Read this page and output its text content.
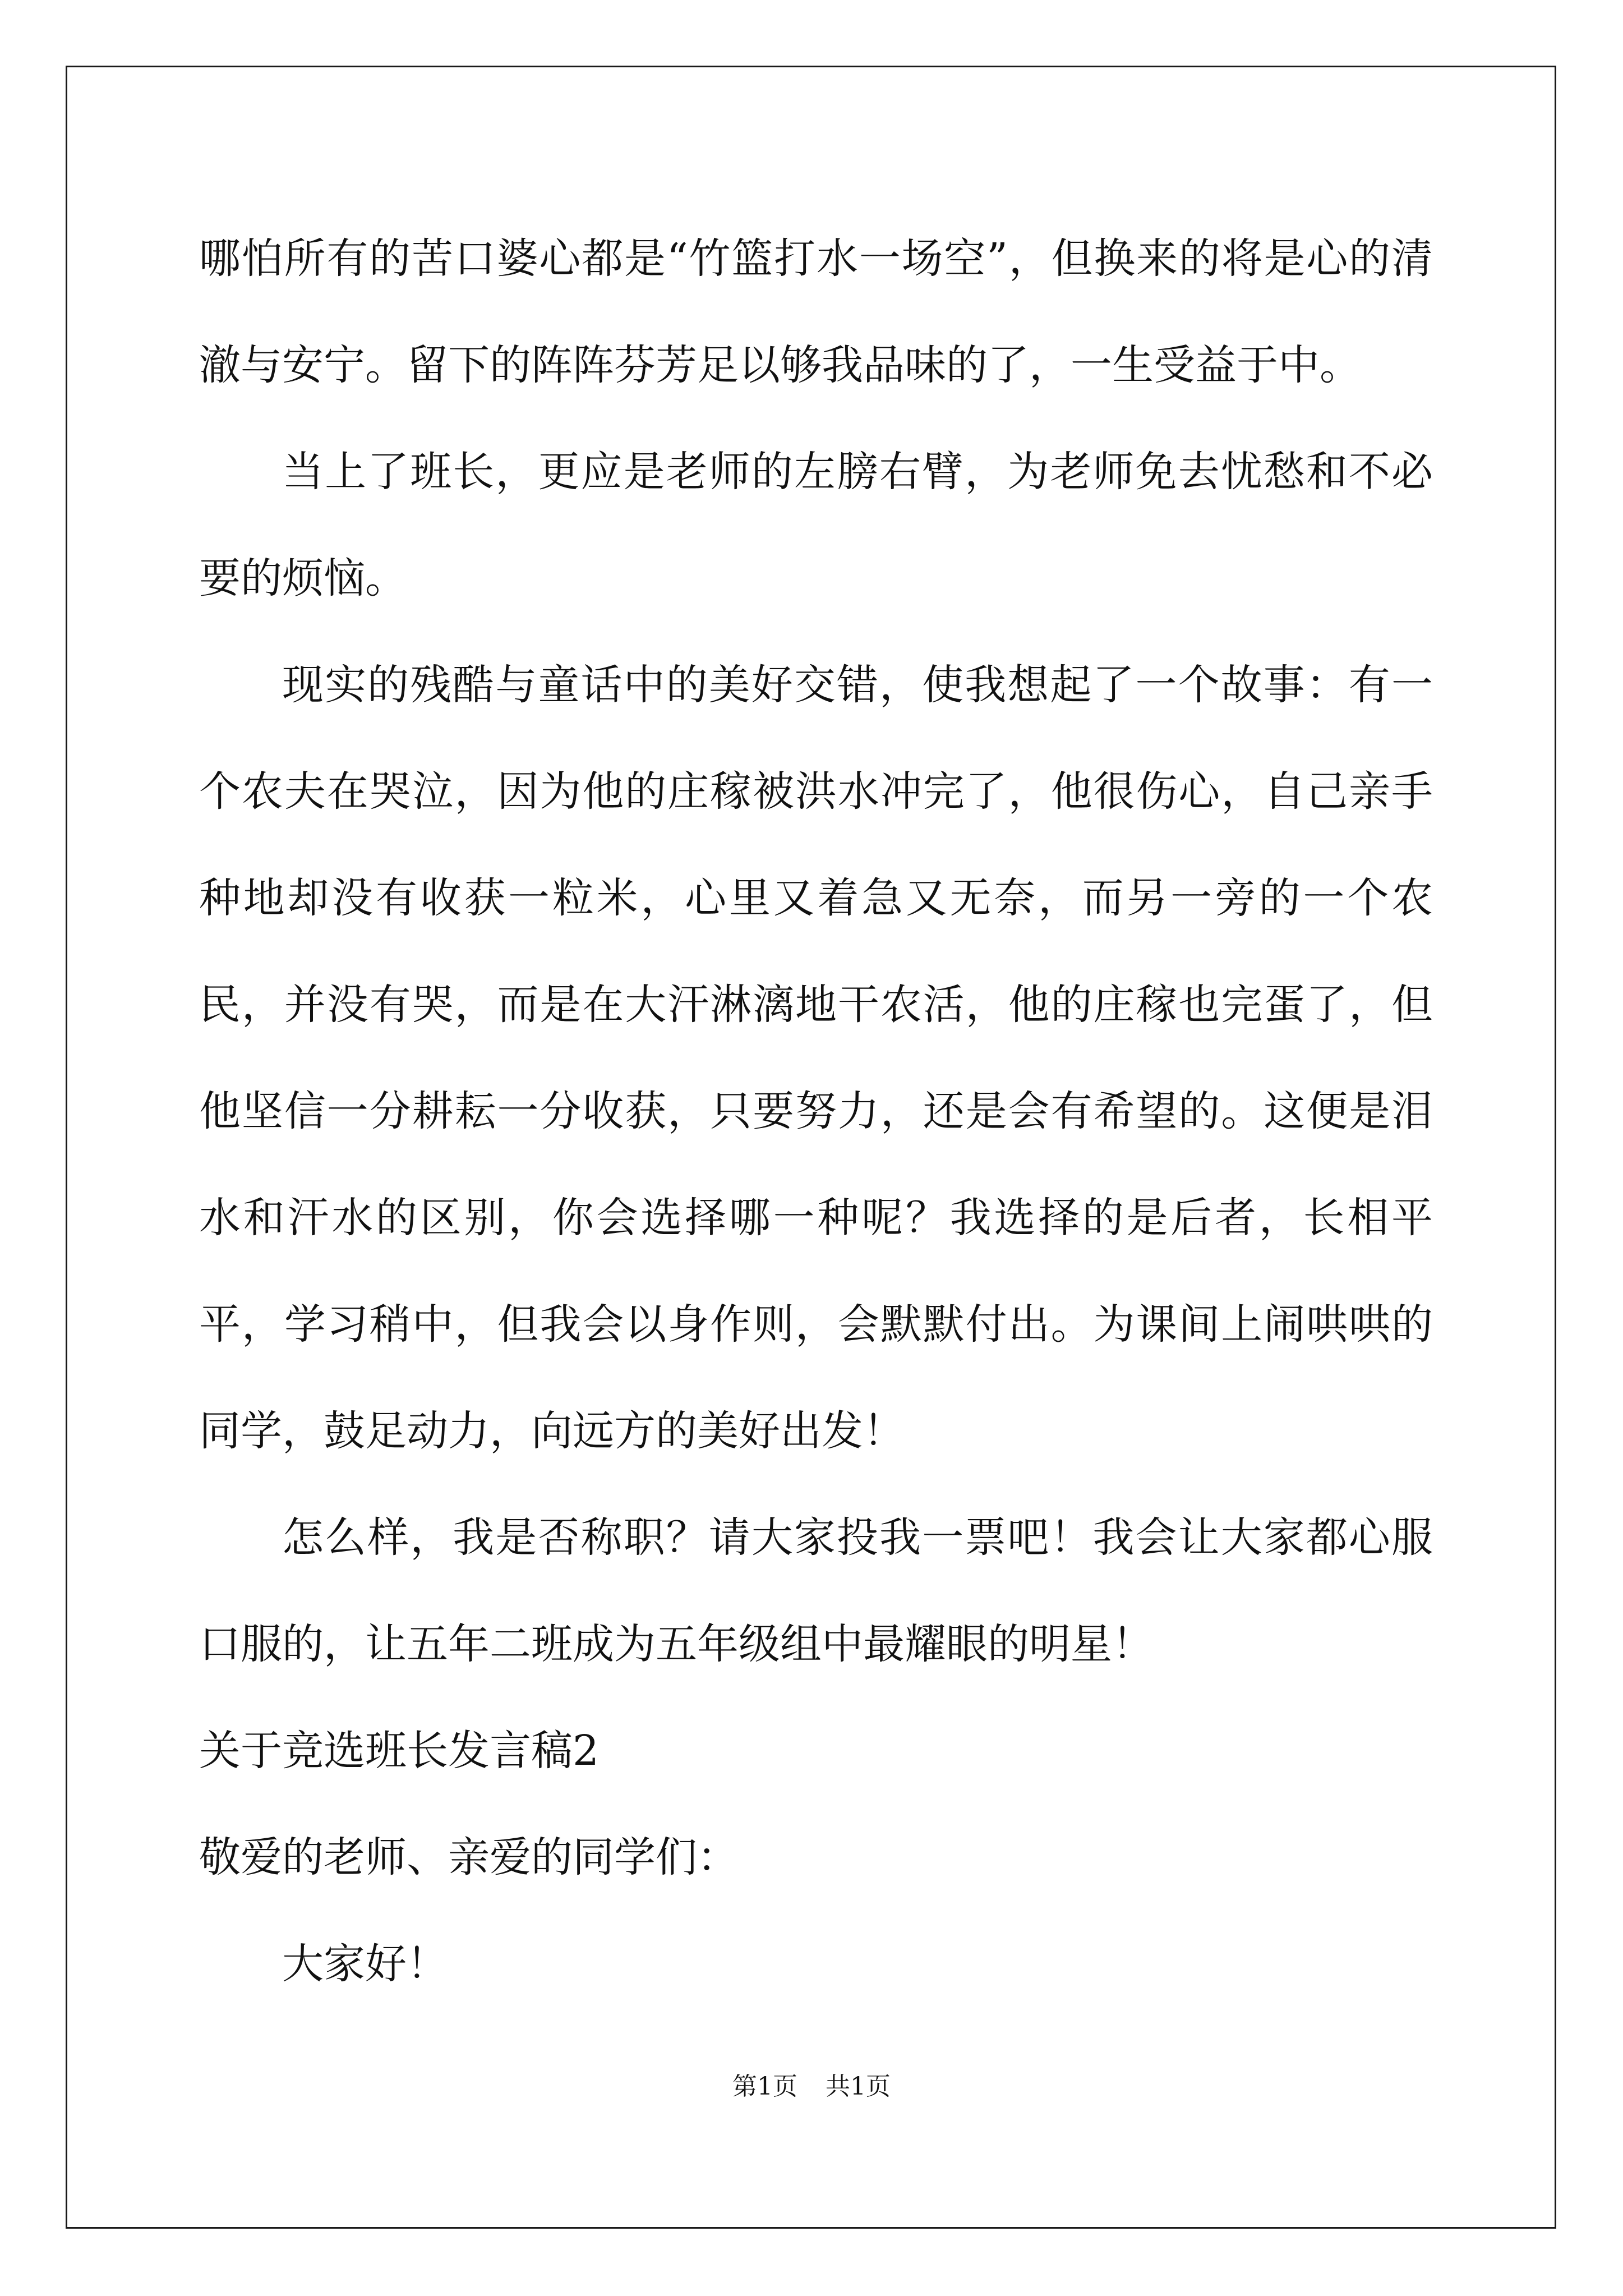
哪怕所有的苦口婆心都是“竹篮打水一场空”，但换来的将是心的清澈与安宁。留下的阵阵芬芳足以够我品味的了，一生受益于中。

当上了班长，更应是老师的左膀右臂，为老师免去忧愁和不必要的烦恼。

现实的残酷与童话中的美好交错，使我想起了一个故事：有一个农夫在哭泣，因为他的庄稼被洪水冲完了，他很伤心，自己亲手种地却没有收获一粒米，心里又着急又无奈，而另一旁的一个农民，并没有哭，而是在大汗淋漓地干农活，他的庄稼也完蛋了，但他坚信一分耕耘一分收获，只要努力，还是会有希望的。这便是泪水和汗水的区别，你会选择哪一种呢？我选择的是后者，长相平平，学习稍中，但我会以身作则，会默默付出。为课间上闹哄哄的同学，鼓足动力，向远方的美好出发！

怎么样，我是否称职？请大家投我一票吧！我会让大家都心服口服的，让五年二班成为五年级组中最耀眼的明星！

关于竞选班长发言稿2

敬爱的老师、亲爱的同学们：

大家好！

第1页 共1页
